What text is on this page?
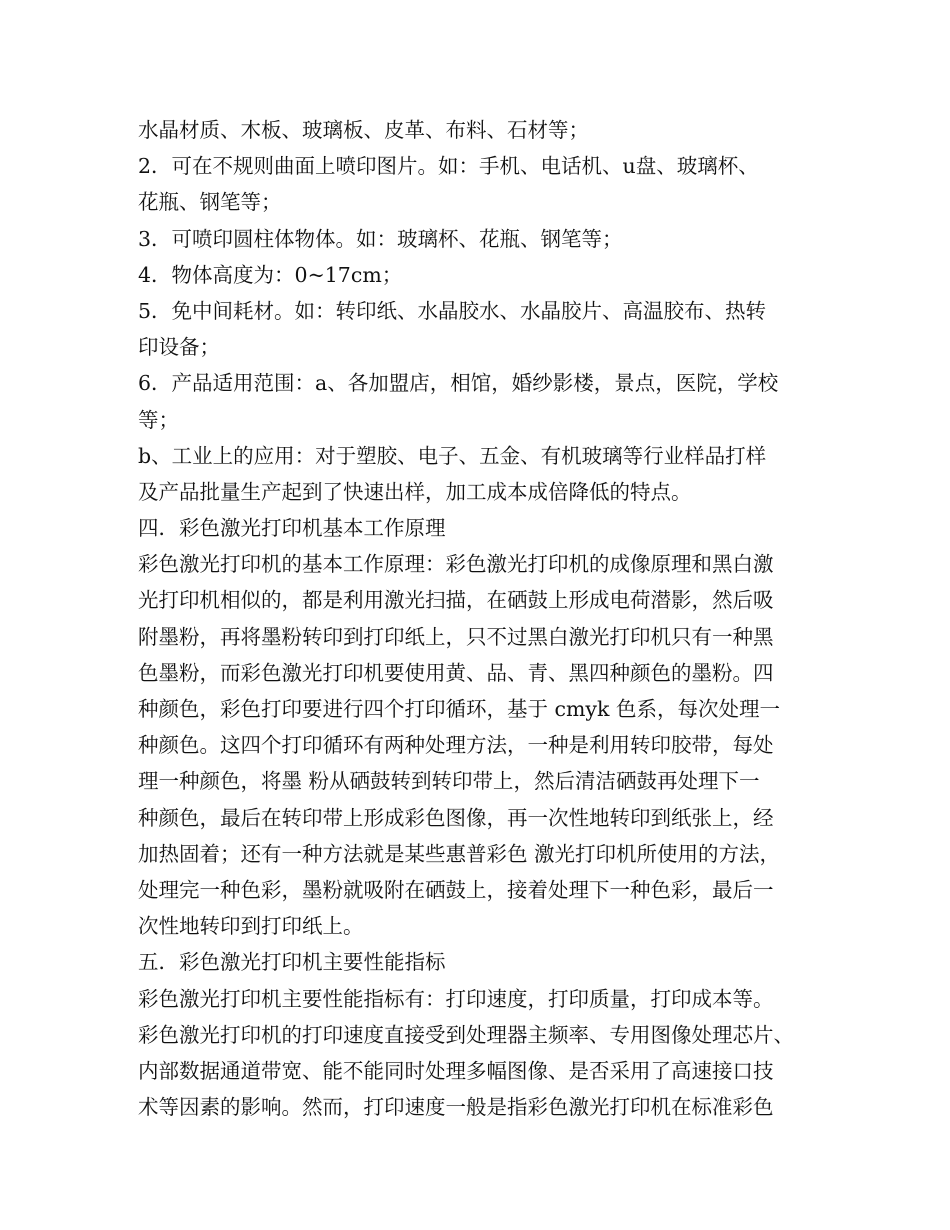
水晶材质、木板、玻璃板、皮革、布料、石材等；
2．可在不规则曲面上喷印图片。如：手机、电话机、u盘、玻璃杯、
花瓶、钢笔等；
3．可喷印圆柱体物体。如：玻璃杯、花瓶、钢笔等；
4．物体高度为：0~17cm；
5．免中间耗材。如：转印纸、水晶胶水、水晶胶片、高温胶布、热转
印设备；
6．产品适用范围：a、各加盟店，相馆，婚纱影楼，景点，医院，学校
等；
b、工业上的应用：对于塑胶、电子、五金、有机玻璃等行业样品打样
及产品批量生产起到了快速出样，加工成本成倍降低的特点。
四．彩色激光打印机基本工作原理
彩色激光打印机的基本工作原理：彩色激光打印机的成像原理和黑白激
光打印机相似的，都是利用激光扫描，在硒鼓上形成电荷潜影，然后吸
附墨粉，再将墨粉转印到打印纸上，只不过黑白激光打印机只有一种黑
色墨粉，而彩色激光打印机要使用黄、品、青、黑四种颜色的墨粉。四
种颜色，彩色打印要进行四个打印循环，基于 cmyk 色系，每次处理一
种颜色。这四个打印循环有两种处理方法，一种是利用转印胶带，每处
理一种颜色，将墨 粉从硒鼓转到转印带上，然后清洁硒鼓再处理下一
种颜色，最后在转印带上形成彩色图像，再一次性地转印到纸张上，经
加热固着；还有一种方法就是某些惠普彩色 激光打印机所使用的方法，
处理完一种色彩，墨粉就吸附在硒鼓上，接着处理下一种色彩，最后一
次性地转印到打印纸上。
五．彩色激光打印机主要性能指标
彩色激光打印机主要性能指标有：打印速度，打印质量，打印成本等。
彩色激光打印机的打印速度直接受到处理器主频率、专用图像处理芯片、
内部数据通道带宽、能不能同时处理多幅图像、是否采用了高速接口技
术等因素的影响。然而，打印速度一般是指彩色激光打印机在标准彩色
